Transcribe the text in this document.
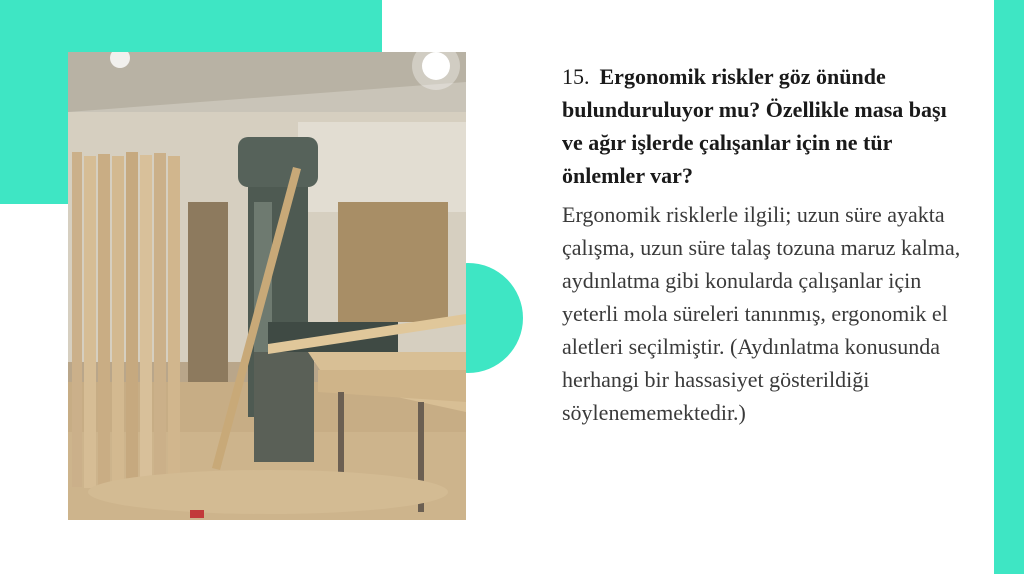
15. Ergonomik riskler göz önünde bulunduruluyor mu? Özellikle masa başı ve ağır işlerde çalışanlar için ne tür önlemler var?

Ergonomik risklerle ilgili; uzun süre ayakta çalışma, uzun süre talaş tozuna maruz kalma, aydınlatma gibi konularda çalışanlar için yeterli mola süreleri tanınmış, ergonomik el aletleri seçilmiştir. (Aydınlatma konusunda herhangi bir hassasiyet gösterildiği söylenememektedir.)
